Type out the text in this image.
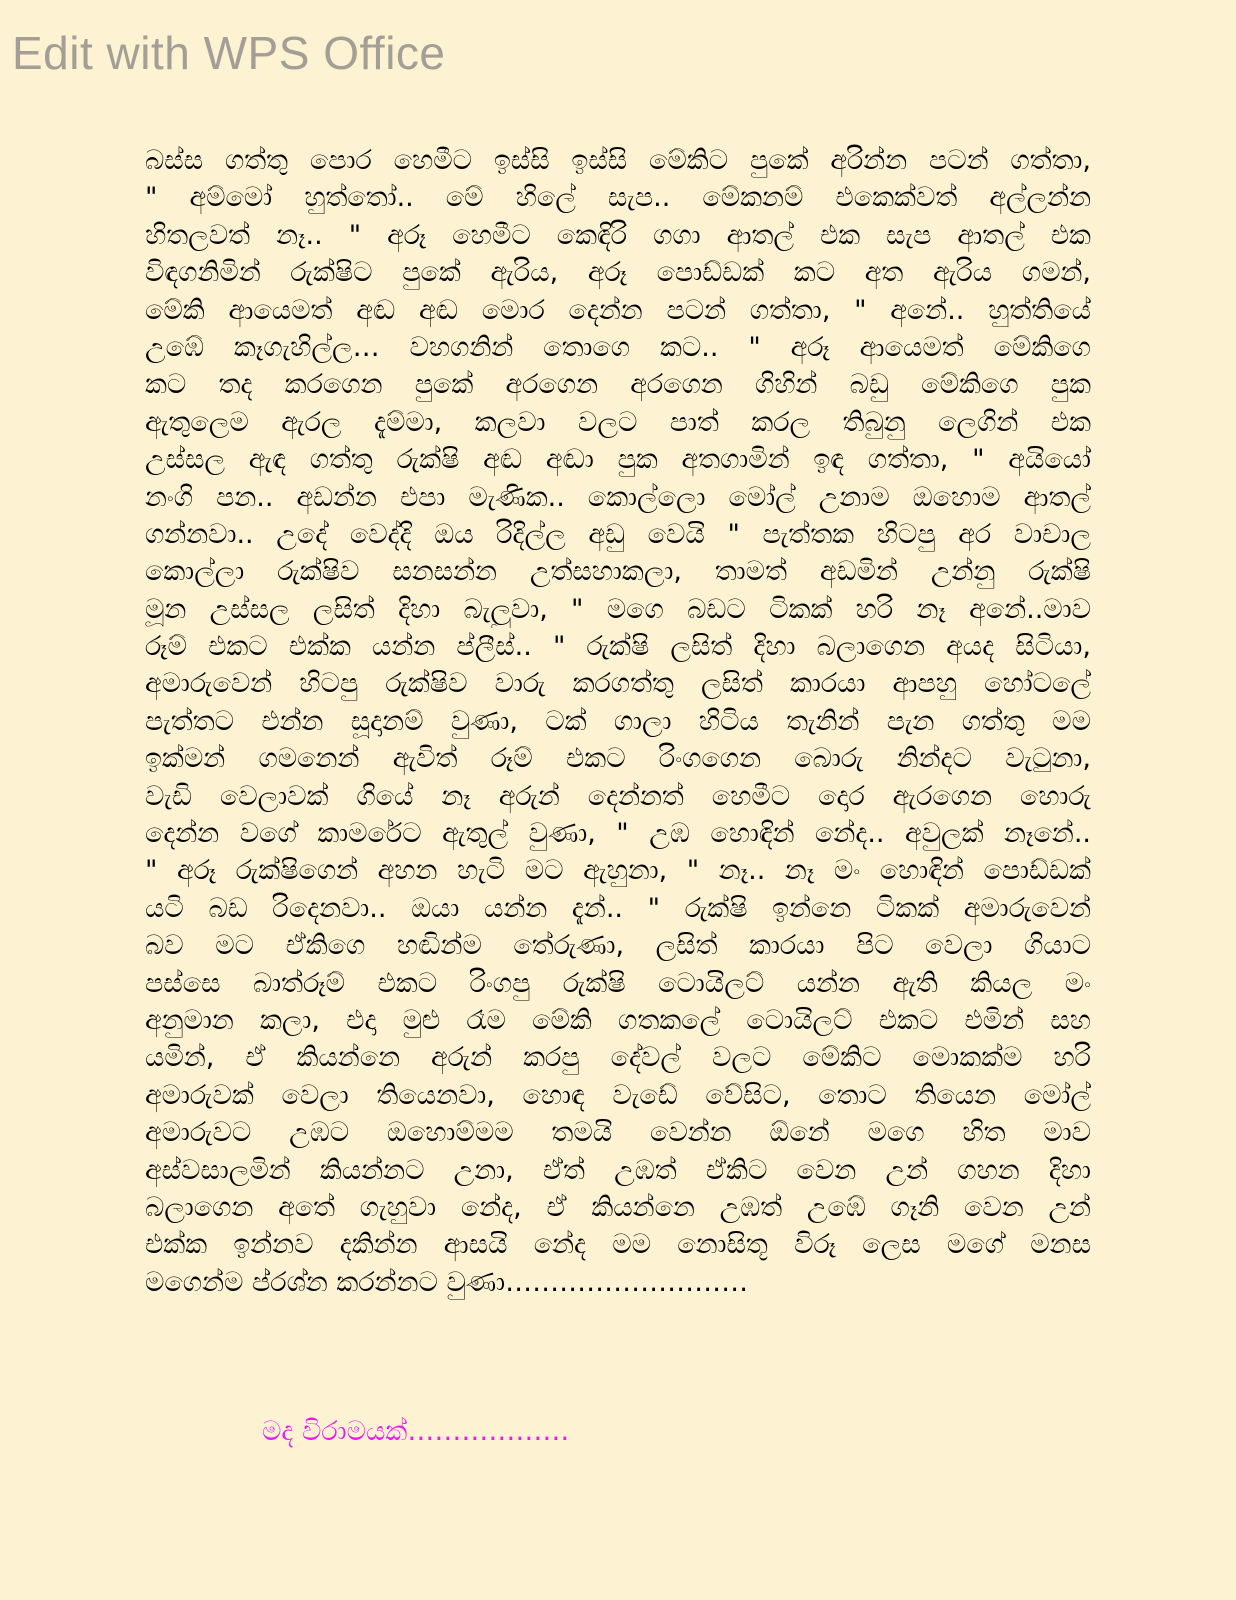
Edit with WPS Office
බස්ස ගත්තු පොර හෙමීට ඉස්සි ඉස්සි මේකිට පුකේ අරින්න පටන් ගත්තා,
" අම්මෝ හුත්තෝ.. මේ හිලේ සැප.. මේකනම් එකෙක්වත් අල්ලන්න
හිතලවත් නෑ.. " අරූ හෙමීට කෙඳිරි ගගා ආතල් එක සැප ආතල් එක
විඳගනිමින් රුක්ෂිට පුකේ ඇරිය, අරූ පොඩ්ඩක් කට අත ඇරිය ගමන්,
මේකි ආයෙමත් අඬ අඬ මොර දෙන්න පටන් ගත්තා, " අනේ.. හුත්තියේ
උඹේ කෑගැහිල්ල… වහගනින් තොගෙ කට.. " අරූ ආයෙමත් මේකිගෙ
කට තද කරගෙන පුකේ අරගෙන අරගෙන ගිහින් බඩු මේකිගෙ පුක
ඇතුලෙම ඇරල දැම්මා, කලවා වලට පාත් කරල තිබුනු ලෙගින් එක
උස්සල ඇඳ ගත්තු රුක්ෂි අඬ අඬා පුක අතගාමින් ඉඳ ගත්තා, " අයියෝ
නංගි පන.. අඩන්න එපා මැණික.. කොල්ලො මෝල් උනාම ඔහොම ආතල්
ගන්නවා.. උදේ වෙද්දි ඔය රිදිල්ල අඩු වෙයි " පැත්තක හිටපු අර වාචාල
කොල්ලා රුක්ෂිව සනසන්න උත්සහාකලා, තාමත් අඩමින් උන්නු රුක්ෂි
මූන උස්සල ලසිත් දිහා බැලුවා, " මගෙ බඩට ටිකක් හරි නෑ අනේ..මාව
රූම් එකට එක්ක යන්න ප්ලීස්.. " රුක්ෂි ලසිත් දිහා බලාගෙන අයද සිටියා,
අමාරුවෙන් හිටපු රුක්ෂිව වාරු කරගත්තු ලසිත් කාරයා ආපහු හෝටලේ
පැත්තට එන්න සූදානම් වුණා, ටක් ගාලා හිටිය තැනින් පැන ගත්තු මම
ඉක්මන් ගමනෙන් ඇවිත් රූම් එකට රිංගගෙන බොරු නින්දට වැටුනා,
වැඩි වෙලාවක් ගියේ නෑ අරුන් දෙන්නත් හෙමීට දොර ඇරගෙන හොරු
දෙන්න වගේ කාමරේට ඇතුල් වුණා, " උඹ හොඳින් නේද.. අවුලක් නෑනේ..
" අරූ රුක්ෂිගෙන් අහන හැටි මට ඇහුනා, " නෑ.. නෑ මං හොඳින් පොඩ්ඩක්
යටි බඩ රිදෙනවා.. ඔයා යන්න දැන්.. " රුක්ෂි ඉන්නෙ ටිකක් අමාරුවෙන්
බව මට ඒකිගෙ හඬින්ම තේරුණා, ලසිත් කාරයා පිට වෙලා ගියාට
පස්සෙ බාත්රූම් එකට රිංගපු රුක්ෂි ටොයිලට් යන්න ඇති කියල මං
අනුමාන කලා, එදා මුළු රෑම මේකි ගතකලේ ටොයිලට් එකට එමින් සහ
යමින්, ඒ කියන්නෙ අරුන් කරපු දේවල් වලට මේකිට මොකක්ම හරි
අමාරුවක් වෙලා තියෙනවා, හොඳ වැඩේ වේසිට, තොට තියෙන මෝල්
අමාරුවට උඹට ඔහොම්මම තමයි වෙන්න ඕනේ මගෙ හිත මාව
අස්වසාලමින් කියන්නට උනා, ඒත් උඹත් ඒකිට වෙන උන් ගහන දිහා
බලාගෙන අතේ ගැහුවා නේද, ඒ කියන්නෙ උඹත් උඹේ ගෑනි වෙන උන්
එක්ක ඉන්නව දකින්න ආසයි නේද මම නොසිතූ විරූ ලෙස මගේ මනස
මගෙන්ම ප්රශ්න කරන්නට වුණා………………………
මද විරාමයක්………………
